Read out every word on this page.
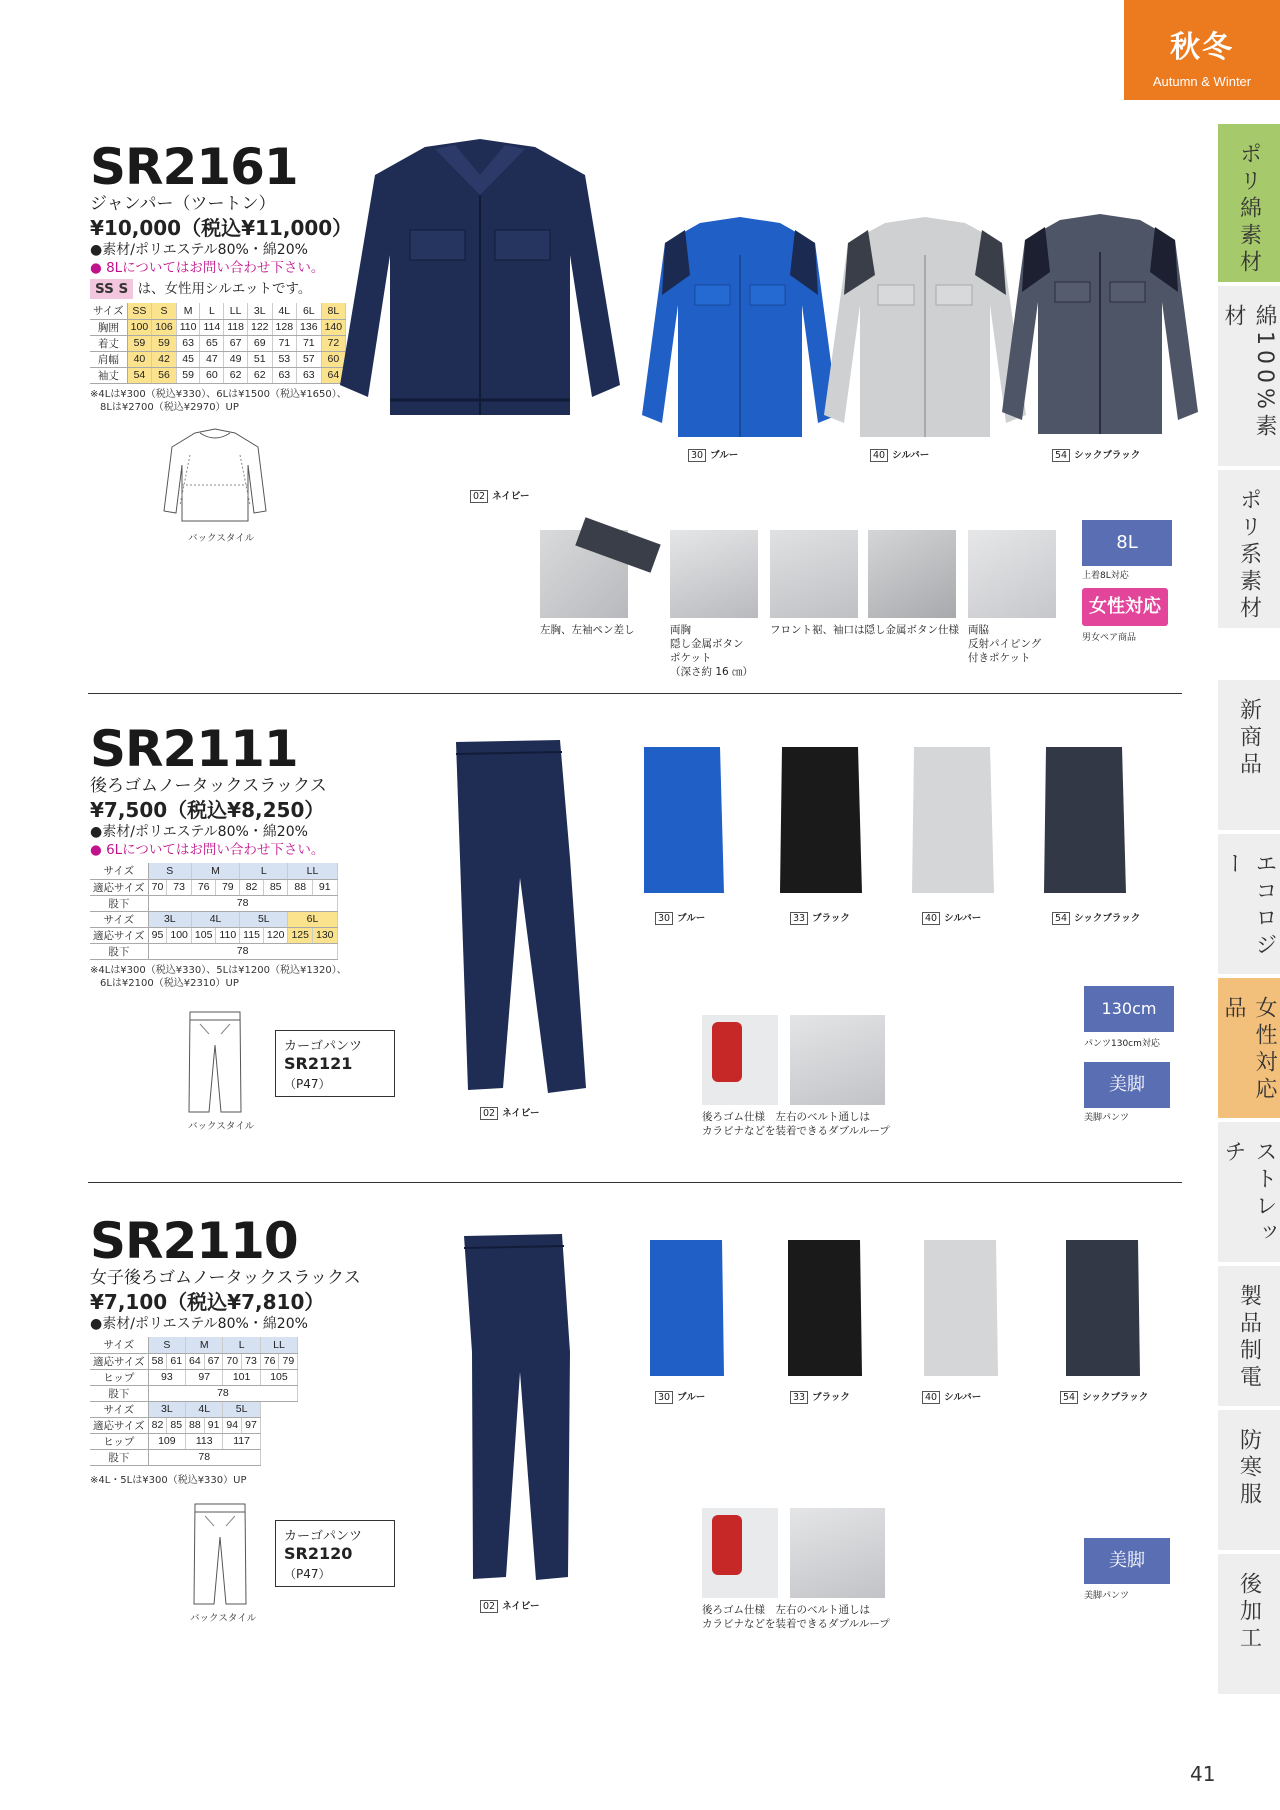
秋冬
Autumn & Winter
ポリ綿素材
綿100%素材
ポリ系素材
新商品
エコロジー
女性対応品
ストレッチ
製品制電
防寒服
後加工
SR2161
ジャンパー（ツートン）
¥10,000（税込¥11,000）
●素材/ポリエステル80%・綿20%
● 8Lについてはお問い合わせ下さい。
SS S は、女性用シルエットです。
サイズ	SS	S	M	L	LL	3L	4L	6L	8L
胸囲	100	106	110	114	118	122	128	136	140
着丈	59	59	63	65	67	69	71	71	72
肩幅	40	42	45	47	49	51	53	57	60
袖丈	54	56	59	60	62	62	63	63	64
※4Lは¥300（税込¥330）、6Lは¥1500（税込¥1650）、
8Lは¥2700（税込¥2970）UP
バックスタイル
02 ネイビー
30 ブルー	40 シルバー	54 シックブラック
左胸、左袖ペン差し	両胸
隠し金属ボタン
ポケット
（深さ約 16 ㎝）
フロント裾、袖口は隠し金属ボタン仕様 両脇
反射パイピング
付きポケット
8L
上着8L対応
女性対応
男女ペア商品
SR2111
後ろゴムノータックスラックス
¥7,500（税込¥8,250）
●素材/ポリエステル80%・綿20%
● 6Lについてはお問い合わせ下さい。
サイズ	S		M		L		LL	
適応サイズ	70	73	76	79	82	85	88	91
股下	78							
サイズ	3L		4L		5L		6L	
適応サイズ	95	100	105	110	115	120	125	130
股下	78							
※4Lは¥300（税込¥330）、5Lは¥1200（税込¥1320）、
6Lは¥2100（税込¥2310）UP
バックスタイル
カーゴパンツ
SR2121（P47）
02 ネイビー
30 ブルー	33 ブラック	40 シルバー	54 シックブラック
後ろゴム仕様　左右のベルト通しは
カラビナなどを装着できるダブルループ
130cm
パンツ130cm対応
美脚
美脚パンツ
SR2110
女子後ろゴムノータックスラックス
¥7,100（税込¥7,810）
●素材/ポリエステル80%・綿20%
サイズ	S		M		L		LL	
適応サイズ	58	61	64	67	70	73	76	79
ヒップ	93		97		101		105	
股下	78							
サイズ	3L		4L		5L			
適応サイズ	82	85	88	91	94	97		
ヒップ	109		113		117			
股下	78							
※4L・5Lは¥300（税込¥330）UP
バックスタイル
カーゴパンツ
SR2120（P47）
02 ネイビー
30 ブルー	33 ブラック	40 シルバー	54 シックブラック
後ろゴム仕様　左右のベルト通しは
カラビナなどを装着できるダブルループ
美脚
美脚パンツ
41
